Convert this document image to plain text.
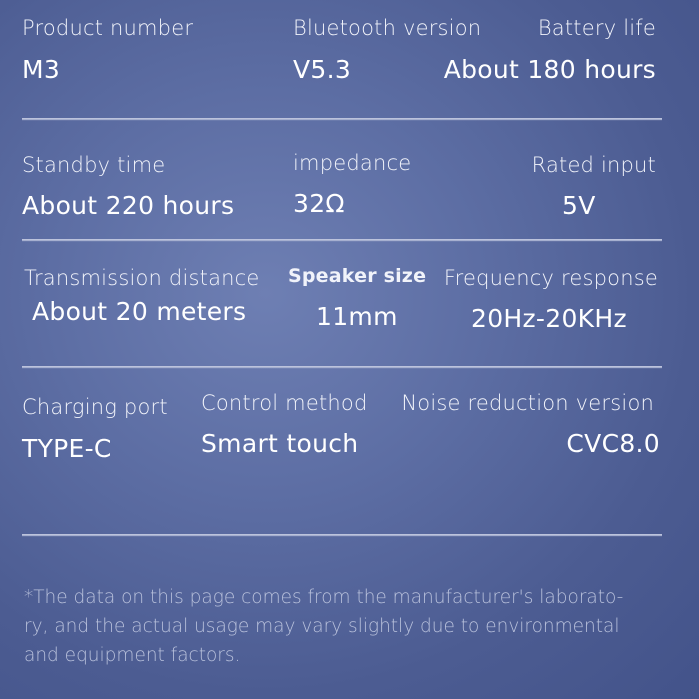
Product number
M3
Bluetooth version
V5.3
Battery life
About 180 hours
Standby time
About 220 hours
impedance
32Ω
Rated input
5V
Transmission distance
About 20 meters
Speaker size
11mm
Frequency response
20Hz-20KHz
Charging port
TYPE-C
Control method
Smart touch
Noise reduction version
CVC8.0
*The data on this page comes from the manufacturer's laborato-
ry, and the actual usage may vary slightly due to environmental
and equipment factors.
